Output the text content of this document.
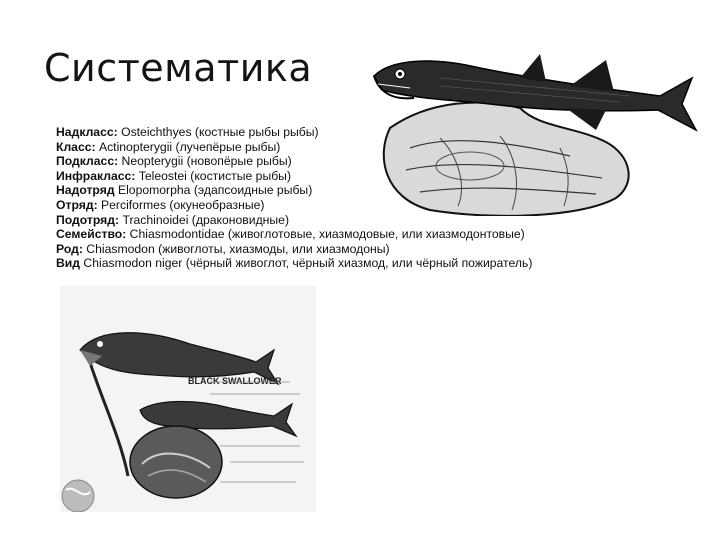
Систематика
Надкласс: Osteichthyes (костные рыбы рыбы)
Класс: Actinopterygii (лучепёрые рыбы)
Подкласс: Neopterygii (новопёрые рыбы)
Инфракласс: Teleostei (костистые рыбы)
Надотряд Elopomorpha (эдапсоидные рыбы)
Отряд: Perciformes (окунеобразные)
Подотряд: Trachinoidei (драконовидные)
Семейство: Chiasmodontidae (живоглотовые, хиазмодовые, или хиазмодонтовые)
Род: Chiasmodon (живоглоты, хиазмоды, или хиазмодоны)
Вид Chiasmodon niger (чёрный живоглот, чёрный хиазмод, или чёрный пожиратель)
BLACK SWALLOWER
